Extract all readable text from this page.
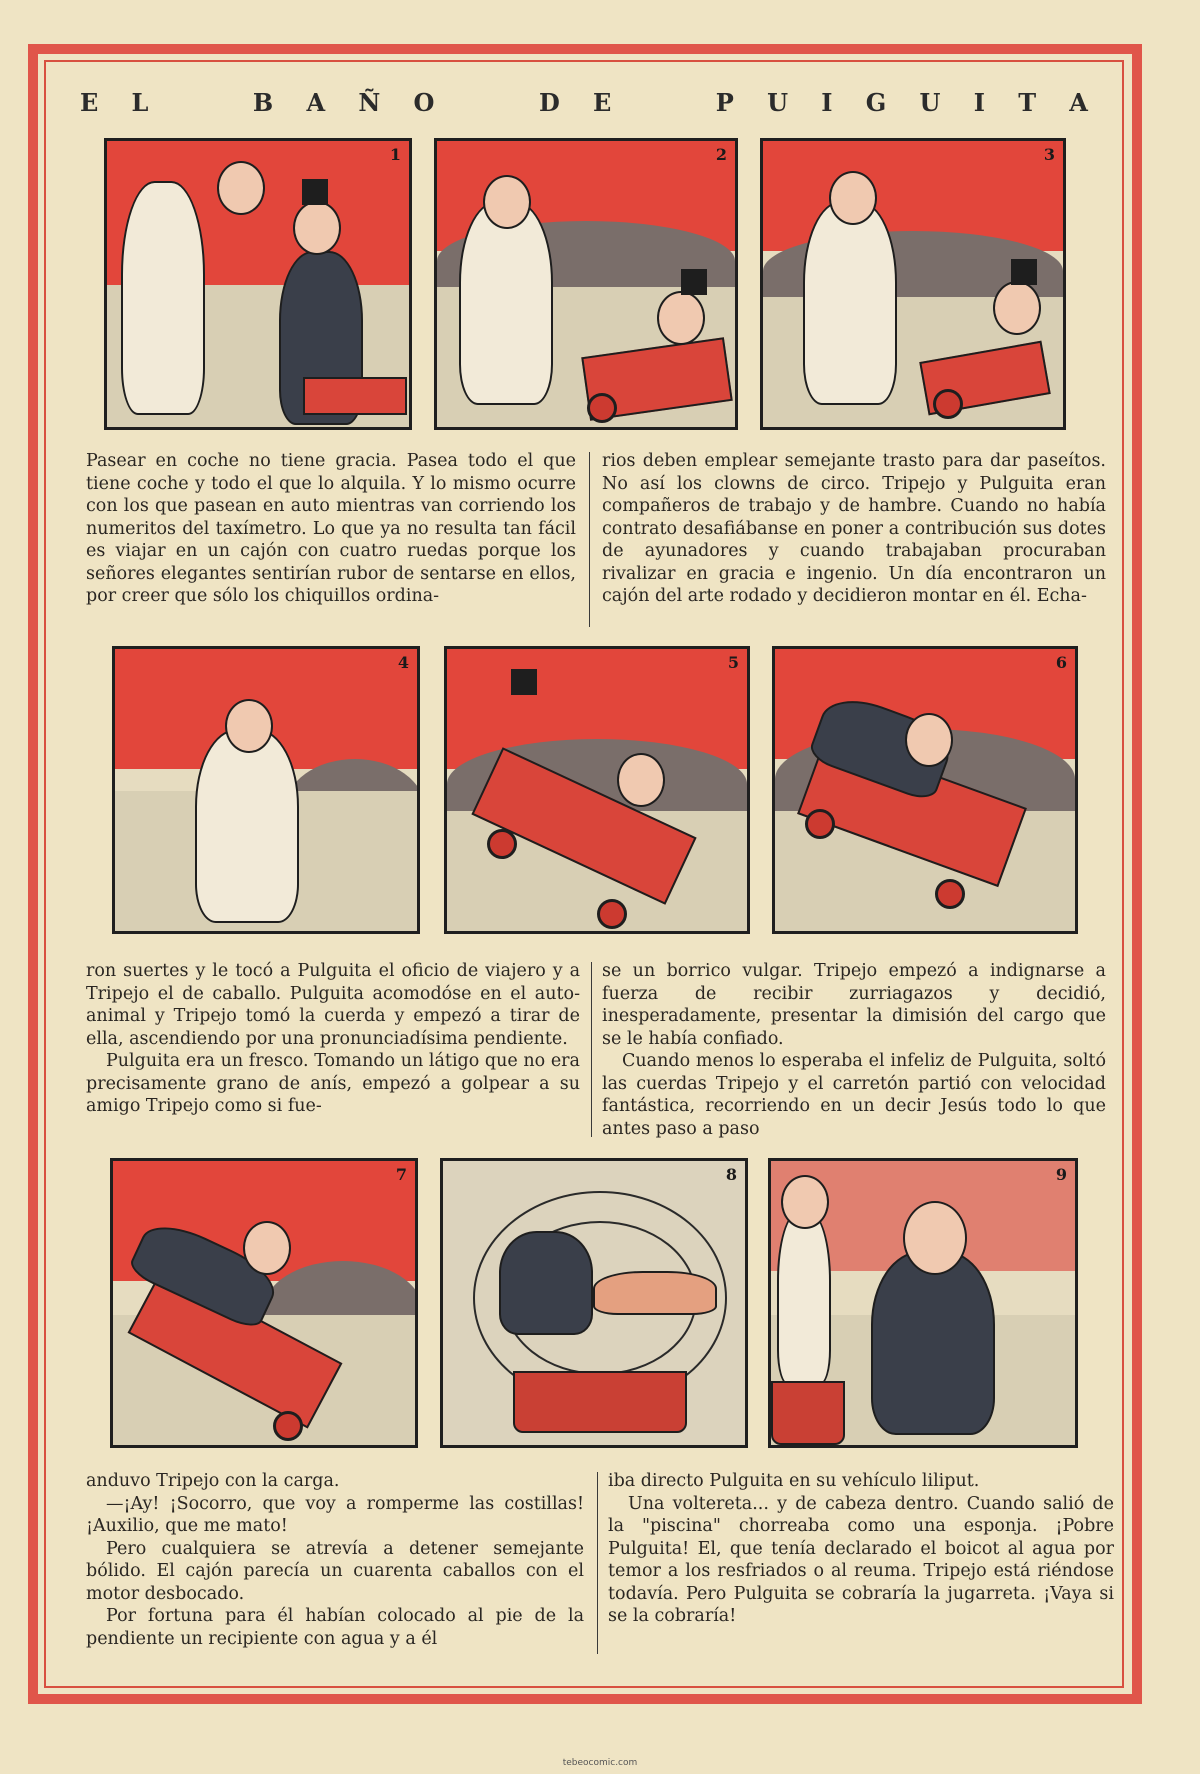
E L	B A Ñ O	D E	P U I G U I T A
1	2	3
Pasear en coche no tiene gracia. Pasea todo el que tiene coche y todo el que lo alquila. Y lo mismo ocurre con los que pasean en auto mientras van corriendo los numeritos del taxímetro. Lo que ya no resulta tan fácil es viajar en un cajón con cuatro ruedas porque los señores elegantes sentirían rubor de sentarse en ellos, por creer que sólo los chiquillos ordina-
rios deben emplear semejante trasto para dar paseítos. No así los clowns de circo. Tripejo y Pulguita eran compañeros de trabajo y de hambre. Cuando no había contrato desafiábanse en poner a contribución sus dotes de ayunadores y cuando trabajaban procuraban rivalizar en gracia e ingenio. Un día encontraron un cajón del arte rodado y decidieron montar en él. Echa-
4	5	6

ron suertes y le tocó a Pulguita el oficio de viajero y a Tripejo el de caballo. Pulguita acomodóse en el auto-animal y Tripejo tomó la cuerda y empezó a tirar de ella, ascendiendo por una pronunciadísima pendiente.

Pulguita era un fresco. Tomando un látigo que no era precisamente grano de anís, empezó a golpear a su amigo Tripejo como si fue-

se un borrico vulgar. Tripejo empezó a indignarse a fuerza de recibir zurriagazos y decidió, inesperadamente, presentar la dimisión del cargo que se le había confiado.

Cuando menos lo esperaba el infeliz de Pulguita, soltó las cuerdas Tripejo y el carretón partió con velocidad fantástica, recorriendo en un decir Jesús todo lo que antes paso a paso

7	8	9

anduvo Tripejo con la carga.

—¡Ay! ¡Socorro, que voy a romperme las costillas! ¡Auxilio, que me mato!

Pero cualquiera se atrevía a detener semejante bólido. El cajón parecía un cuarenta caballos con el motor desbocado.

Por fortuna para él habían colocado al pie de la pendiente un recipiente con agua y a él

iba directo Pulguita en su vehículo liliput.

Una voltereta... y de cabeza dentro. Cuando salió de la "piscina" chorreaba como una esponja. ¡Pobre Pulguita! El, que tenía declarado el boicot al agua por temor a los resfriados o al reuma. Tripejo está riéndose todavía. Pero Pulguita se cobraría la jugarreta. ¡Vaya si se la cobraría!

tebeocomic.com
